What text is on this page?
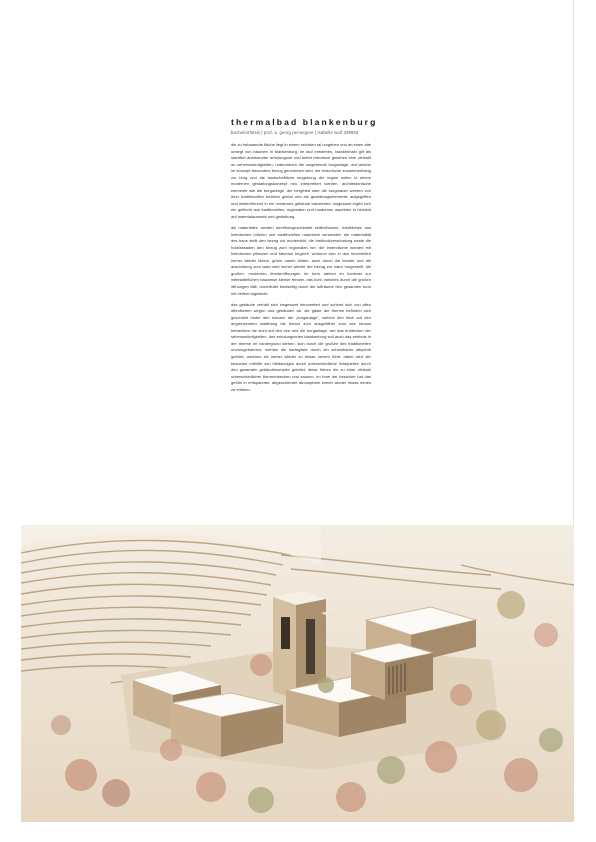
thermalbad blankenburg
bachelorthesis | prof. a. georg pennegner | isabelle wolf 339863

die zu bebauende fläche liegt in einem seichten tal umgeben und an einen alte umlegt von bäumen in blankenburg. im lauf entstehen, blankenhain gilt als stadtlich anerkannter erholungsort und bietet historisch gesehen eine vielzahl an sehenswürdigkeiten. unterordnen die umgebende burganlage, auf welche im konzept besonders bezug genommen wird. der historische zusammenhang zur burg und die landschaftliche umgebung der region sollen in einem modernen gestaltungskonzept neu interpretiert werden. architektonische elemente wie die burganlage, der bergfried oder die burgmauer werden von ihrer traditionellen funktion gelöst und als gestaltungselemente aufgegriffen und weiterführend in ein modernes gebäude transferiert. insgesamt ergibt sich ein geflecht aus traditionellen, regionalen und modernen aspekten in hinsicht auf materialauswahl und gestaltung.

als materialien werden streifholzgeschindelt zeitfreiholzen, holzflächen aus heimischen hölzern und traditionellen naturstein verwendet. die materialität des baus stellt den bezug zur modernität, die breitholzverschalung sowie die holzfassaden den bezug zum regionalen her. die innenräume werden mit heimischen pflanzen und bäumen begrünt, wodurch sich in den innenhöfen immer wieder kleine, grüne oasen bilden. auch durch die fenster und die ausrichtung zum wald wird immer wieder der bezug zur natur hergestellt. die großen, modernen fensteröffnungen im turm stehen im kontrast zur mittelalterlichen bauweise kleiner fenster. das licht, welches durch die großen öffnungen fällt, durchflutet beidseitig durch die lufträume den gesamten turm mit hellem tageslicht.

das gebäude verhält sich insgesamt introvertiert und schirmt sich von allen öffentlichen wegen und gebäuden ab. die gäste der therme befinden sich geschützt hinter den mauern der „burganlage", welche den blick auf den angrenzenden waldhang bis hinauf zum ausgeöffnet zum see hinaus betrachten die sicht auf den see und die burganlage. wie das entdecken der sehenswürdigkeiten, des erholungsortes blankenburg soll auch das erlebnis in der therme im vordergrund stehen. sich durch die großen des traditionellen unerzugebahnen, werden die badegäste durch ein scheinbares labyrinth geführt, welches sie immer wieder zu etwas neuem führt. dabei wird der besucher mithilfe von bildbezügen durch unterschiedliche lichtquellen durch den gesamten gebäudekomplex geleitet. diese führen ihn zu einer vielzahl unterschiedlicher thermenbecken und saunen. im form der besucher hat das gefühl in entspannter, abgeschirmter atmosphäre immer wieder etwas neues zu erleben.
